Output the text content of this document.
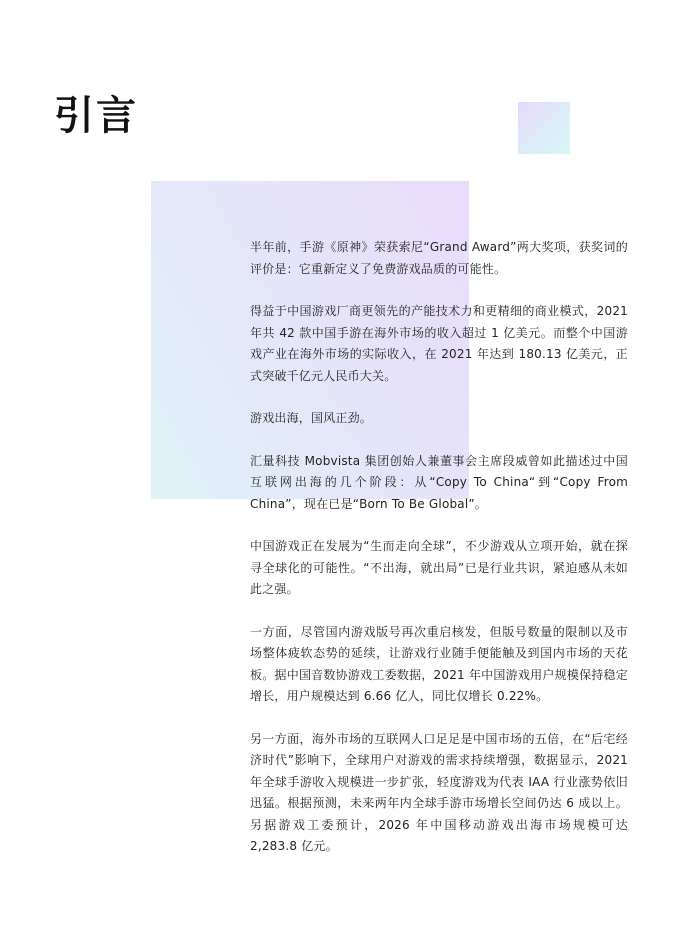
引言

半年前，手游《原神》荣获索尼“Grand Award”两大奖项，获奖词的评价是：它重新定义了免费游戏品质的可能性。

得益于中国游戏厂商更领先的产能技术力和更精细的商业模式，2021 年共 42 款中国手游在海外市场的收入超过 1 亿美元。而整个中国游戏产业在海外市场的实际收入，在 2021 年达到 180.13 亿美元，正式突破千亿元人民币大关。

游戏出海，国风正劲。

汇量科技 Mobvista 集团创始人兼董事会主席段威曾如此描述过中国互联网出海的几个阶段：从“Copy To China“到“Copy From China”，现在已是“Born To Be Global”。

中国游戏正在发展为“生而走向全球”，不少游戏从立项开始，就在探寻全球化的可能性。“不出海，就出局”已是行业共识，紧迫感从未如此之强。

一方面，尽管国内游戏版号再次重启核发，但版号数量的限制以及市场整体疲软态势的延续，让游戏行业随手便能触及到国内市场的天花板。据中国音数协游戏工委数据，2021 年中国游戏用户规模保持稳定增长，用户规模达到 6.66 亿人，同比仅增长 0.22%。

另一方面，海外市场的互联网人口足足是中国市场的五倍，在“后宅经济时代”影响下，全球用户对游戏的需求持续增强，数据显示，2021 年全球手游收入规模进一步扩张，轻度游戏为代表 IAA 行业涨势依旧迅猛。根据预测，未来两年内全球手游市场增长空间仍达 6 成以上。另据游戏工委预计，2026 年中国移动游戏出海市场规模可达 2,283.8 亿元。
